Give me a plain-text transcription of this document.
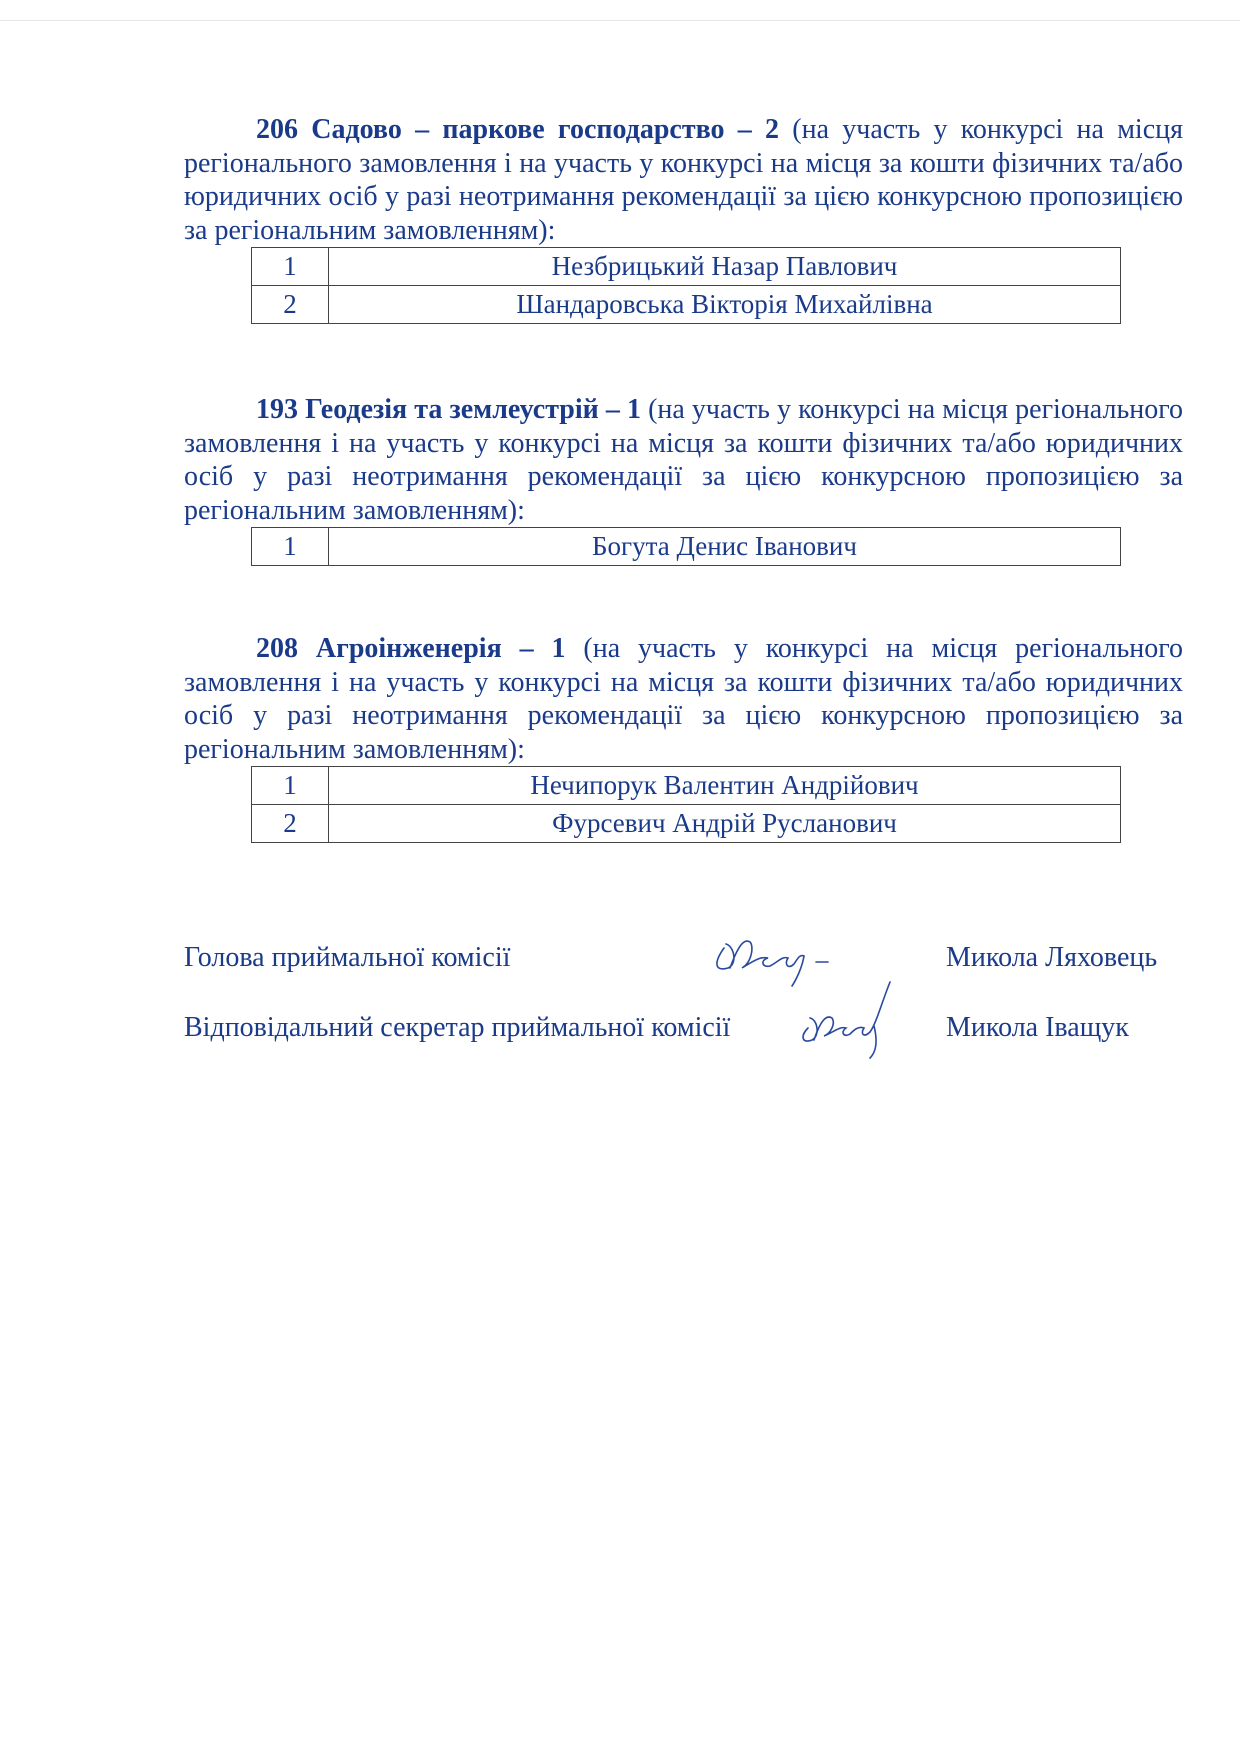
206 Садово – паркове господарство – 2 (на участь у конкурсі на місця регіонального замовлення і на участь у конкурсі на місця за кошти фізичних та/або юридичних осіб у разі неотримання рекомендації за цією конкурсною пропозицією за регіональним замовленням):

1	Незбрицький Назар Павлович
2	Шандаровська Вікторія Михайлівна

193 Геодезія та землеустрій – 1 (на участь у конкурсі на місця регіонального замовлення і на участь у конкурсі на місця за кошти фізичних та/або юридичних осіб у разі неотримання рекомендації за цією конкурсною пропозицією за регіональним замовленням):

1	Богута Денис Іванович

208 Агроінженерія – 1 (на участь у конкурсі на місця регіонального замовлення і на участь у конкурсі на місця за кошти фізичних та/або юридичних осіб у разі неотримання рекомендації за цією конкурсною пропозицією за регіональним замовленням):

1	Нечипорук Валентин Андрійович
2	Фурсевич Андрій Русланович
Голова приймальної комісії	Микола Ляховець
Відповідальний секретар приймальної комісії	Микола Іващук
